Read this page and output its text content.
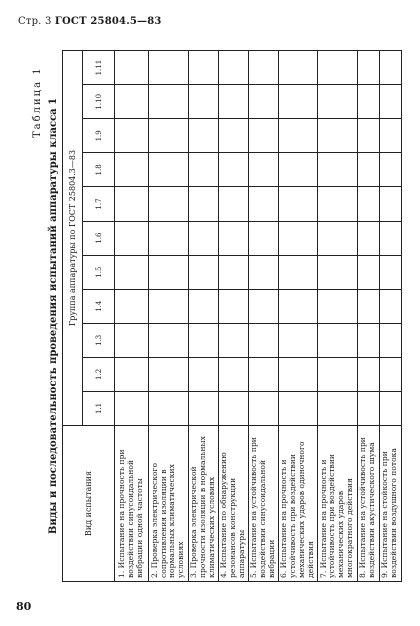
Стр. 3 ГОСТ 25804.5—83
Таблица 1 Виды и последовательность проведения испытаний аппаратуры класса 1	Вид испытания	Группа аппаратуры по ГОСТ 25804.3—83										
	1.1	1.2	1.3	1.4	1.5	1.6	1.7	1.8	1.9	1.10	1.11
1. Испытание на прочность при воздействии синусоидальной вибрации одной частоты											
2. Проверка электрического сопротивления изоляции в нормальных климатических условиях											
3. Проверка электрической прочности изоляции в нормальных климатических условиях											
4. Испытание по обнаружению резонансов конструкции аппаратуры											
5. Испытание на устойчивость при воздействии синусоидальной вибрации											
6. Испытание на прочность и устойчивость при воздействии механических ударов одиночного действия											
7. Испытание на прочность и устойчивость при воздействии механических ударов многократного действия											
8. Испытание на устойчивость при воздействии акустического шума											
9. Испытание на стойкость при воздействии воздушного потока											
80
